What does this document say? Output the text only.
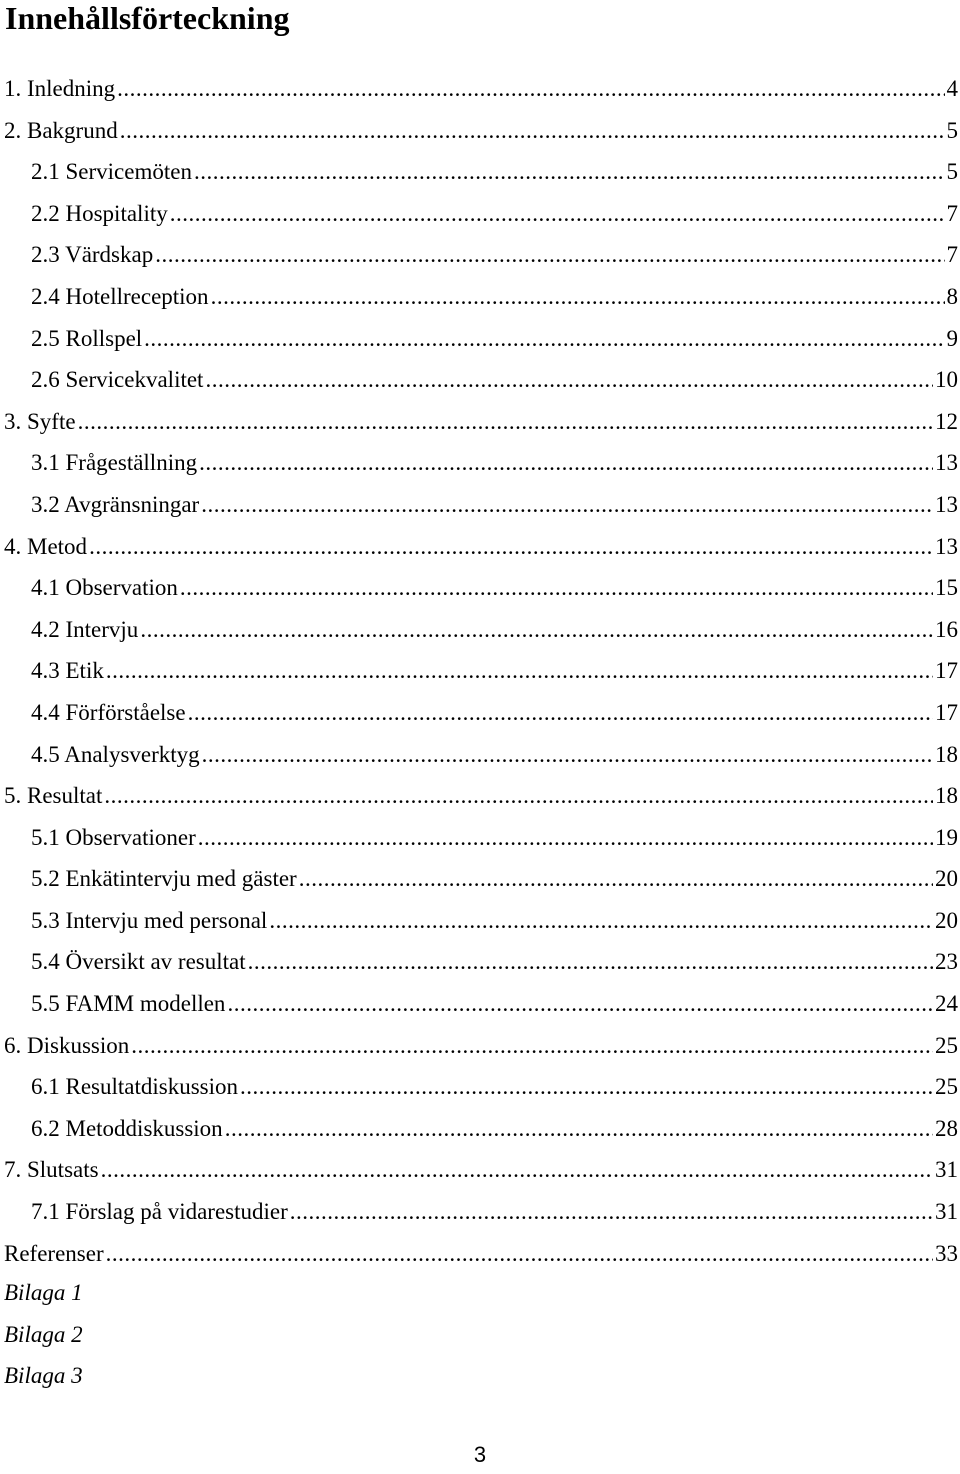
Innehållsförteckning
1. Inledning .....	4
2. Bakgrund .....	5
2.1 Servicemöten .....	5
2.2 Hospitality .....	7
2.3 Värdskap .....	7
2.4 Hotellreception .....	8
2.5 Rollspel .....	9
2.6 Servicekvalitet .....	10
3. Syfte .....	12
3.1 Frågeställning .....	13
3.2 Avgränsningar .....	13
4. Metod .....	13
4.1 Observation .....	15
4.2 Intervju .....	16
4.3 Etik .....	17
4.4 Förförståelse .....	17
4.5 Analysverktyg .....	18
5. Resultat .....	18
5.1 Observationer .....	19
5.2 Enkätintervju med gäster .....	20
5.3 Intervju med personal .....	20
5.4 Översikt av resultat .....	23
5.5 FAMM modellen .....	24
6. Diskussion .....	25
6.1 Resultatdiskussion .....	25
6.2 Metoddiskussion .....	28
7. Slutsats .....	31
7.1 Förslag på vidarestudier .....	31
Referenser .....	33
Bilaga 1
Bilaga 2
Bilaga 3
3
